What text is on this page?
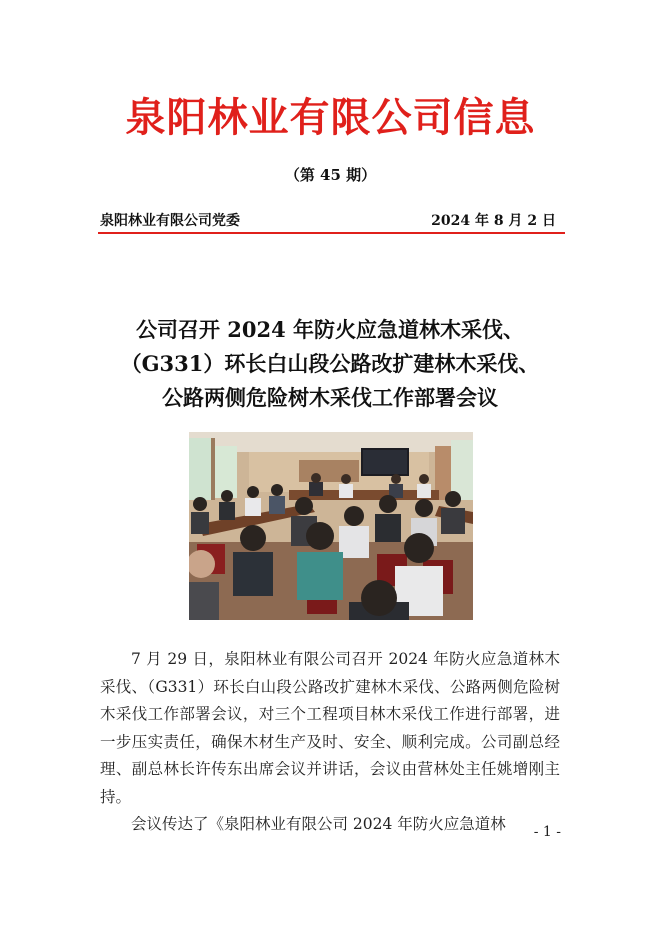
泉阳林业有限公司信息
（第 45 期）
泉阳林业有限公司党委	2024 年 8 月 2 日
公司召开 2024 年防火应急道林木采伐、
（G331）环长白山段公路改扩建林木采伐、
公路两侧危险树木采伐工作部署会议

7 月 29 日，泉阳林业有限公司召开 2024 年防火应急道林木采伐、（G331）环长白山段公路改扩建林木采伐、公路两侧危险树木采伐工作部署会议，对三个工程项目林木采伐工作进行部署，进一步压实责任，确保木材生产及时、安全、顺利完成。公司副总经理、副总林长许传东出席会议并讲话，会议由营林处主任姚增刚主持。

会议传达了《泉阳林业有限公司 2024 年防火应急道林	- 1 -
